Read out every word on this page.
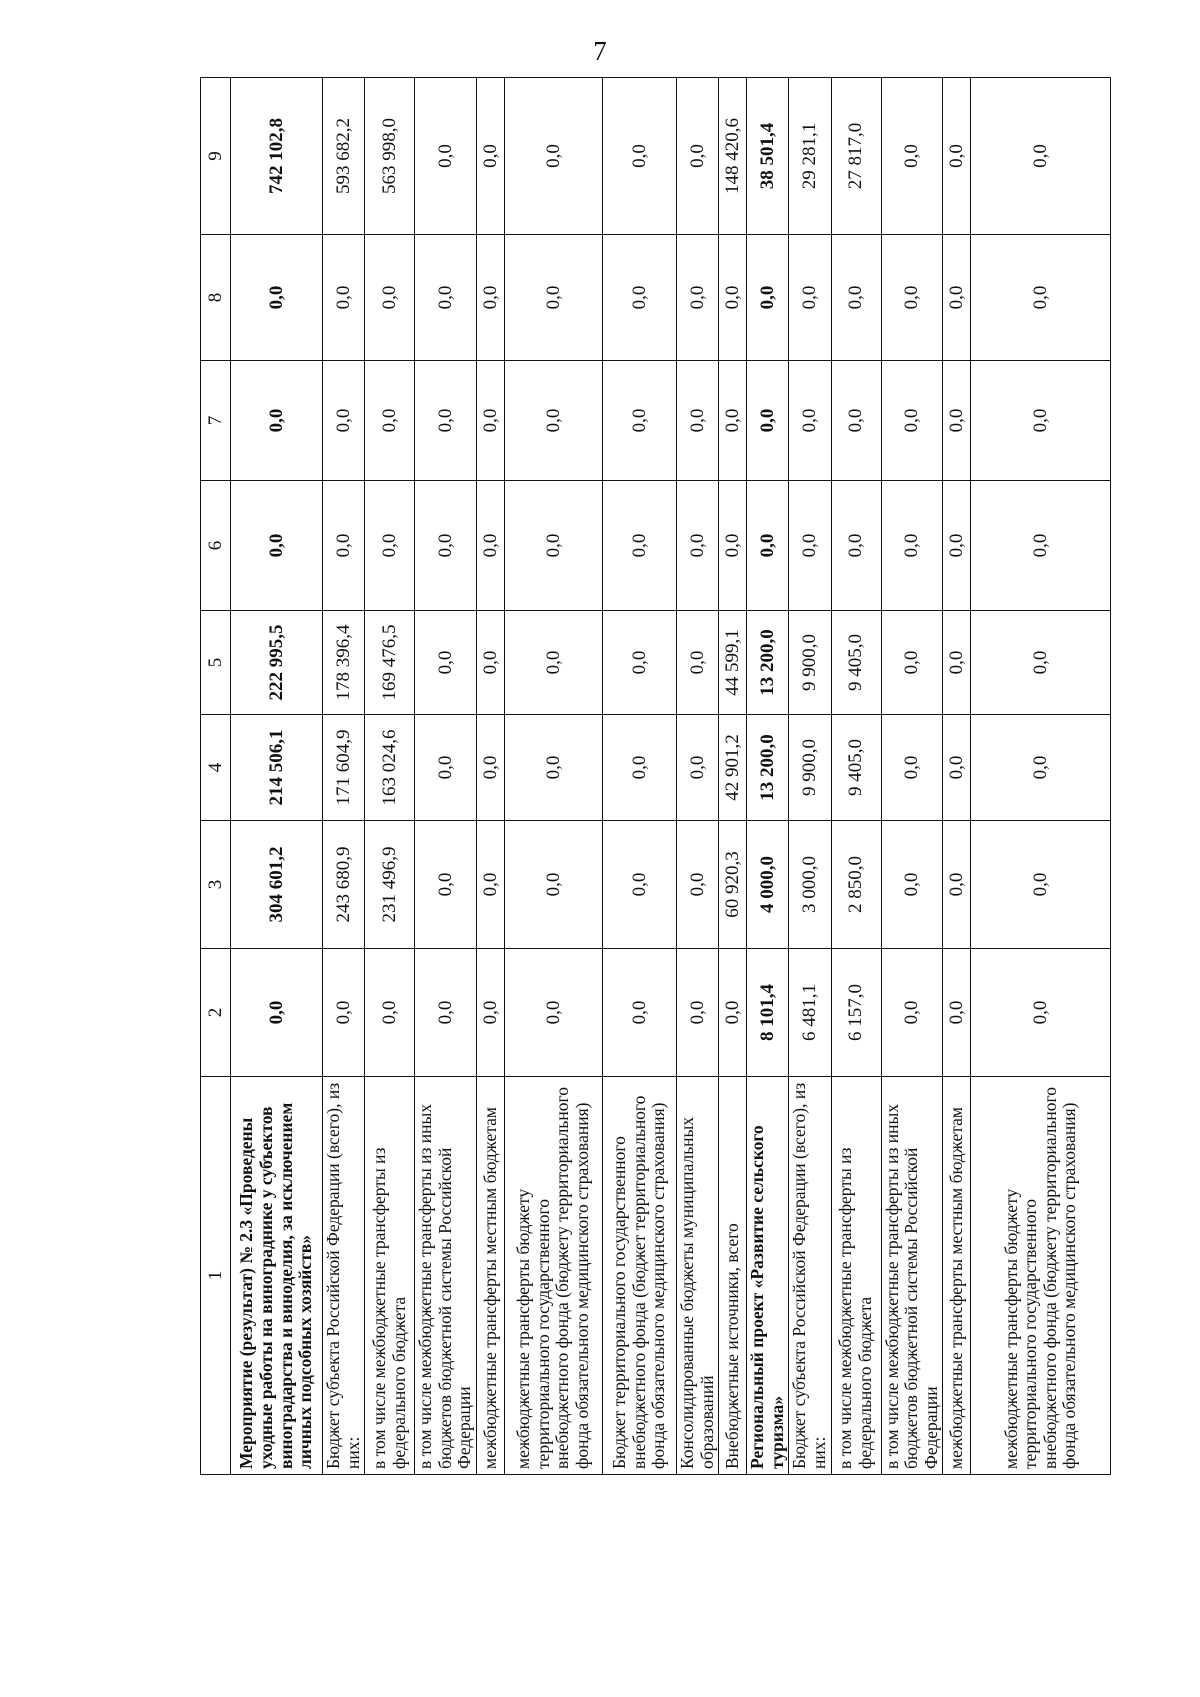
7
1	2	3	4	5	6	7	8	9
Мероприятие (результат) № 2.3 «Проведены уходные работы на винограднике у субъектов виноградарства и виноделия, за исключением личных подсобных хозяйств»	0,0	304 601,2	214 506,1	222 995,5	0,0	0,0	0,0	742 102,8
Бюджет субъекта Российской Федерации (всего), из них:	0,0	243 680,9	171 604,9	178 396,4	0,0	0,0	0,0	593 682,2
в том числе межбюджетные трансферты из федерального бюджета	0,0	231 496,9	163 024,6	169 476,5	0,0	0,0	0,0	563 998,0
в том числе межбюджетные трансферты из иных бюджетов бюджетной системы Российской Федерации	0,0	0,0	0,0	0,0	0,0	0,0	0,0	0,0
межбюджетные трансферты местным бюджетам	0,0	0,0	0,0	0,0	0,0	0,0	0,0	0,0
межбюджетные трансферты бюджету территориального государственного внебюджетного фонда (бюджету территориального фонда обязательного медицинского страхования)	0,0	0,0	0,0	0,0	0,0	0,0	0,0	0,0
Бюджет территориального государственного внебюджетного фонда (бюджет территориального фонда обязательного медицинского страхования)	0,0	0,0	0,0	0,0	0,0	0,0	0,0	0,0
Консолидированные бюджеты муниципальных образований	0,0	0,0	0,0	0,0	0,0	0,0	0,0	0,0
Внебюджетные источники, всего	0,0	60 920,3	42 901,2	44 599,1	0,0	0,0	0,0	148 420,6
Региональный проект «Развитие сельского туризма»	8 101,4	4 000,0	13 200,0	13 200,0	0,0	0,0	0,0	38 501,4
Бюджет субъекта Российской Федерации (всего), из них:	6 481,1	3 000,0	9 900,0	9 900,0	0,0	0,0	0,0	29 281,1
в том числе межбюджетные трансферты из федерального бюджета	6 157,0	2 850,0	9 405,0	9 405,0	0,0	0,0	0,0	27 817,0
в том числе межбюджетные трансферты из иных бюджетов бюджетной системы Российской Федерации	0,0	0,0	0,0	0,0	0,0	0,0	0,0	0,0
межбюджетные трансферты местным бюджетам	0,0	0,0	0,0	0,0	0,0	0,0	0,0	0,0
межбюджетные трансферты бюджету территориального государственного внебюджетного фонда (бюджету территориального фонда обязательного медицинского страхования)	0,0	0,0	0,0	0,0	0,0	0,0	0,0	0,0
